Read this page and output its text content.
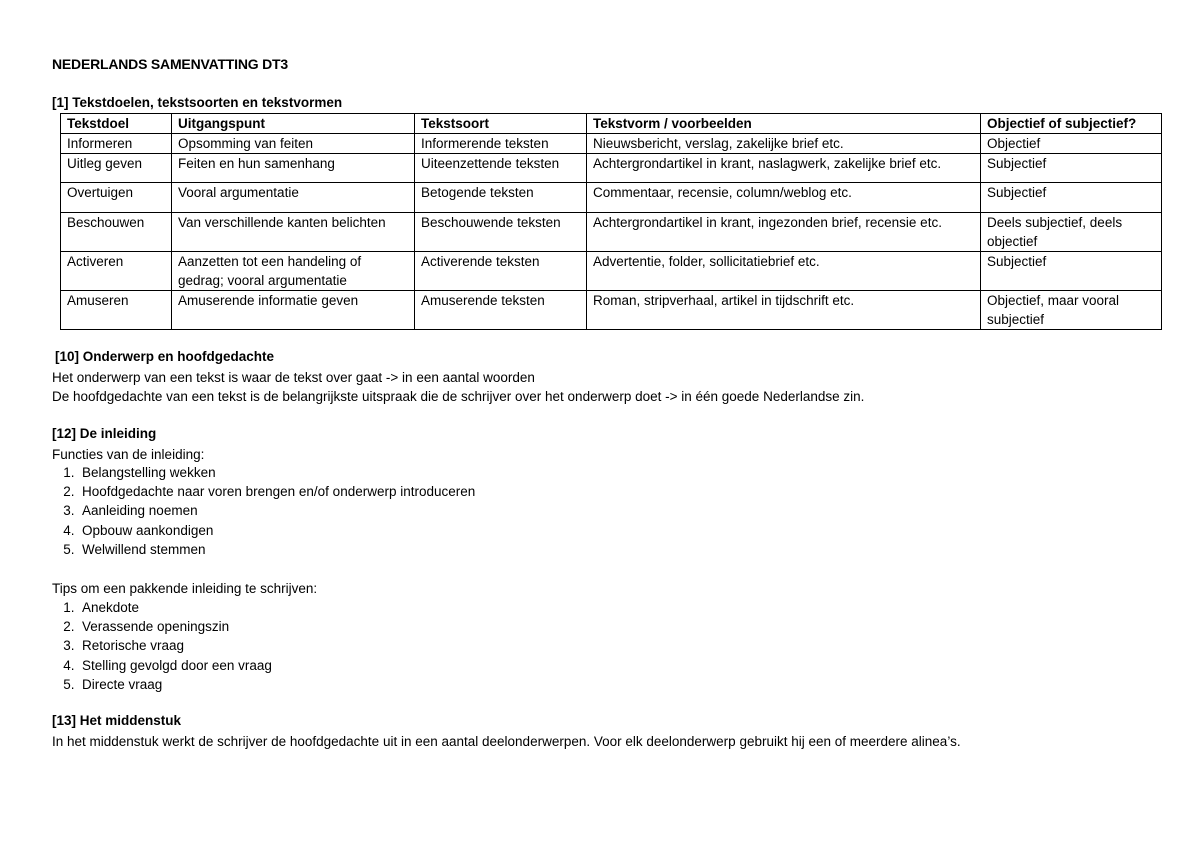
NEDERLANDS SAMENVATTING DT3
[1] Tekstdoelen, tekstsoorten en tekstvormen
Tekstdoel	Uitgangspunt	Tekstsoort	Tekstvorm / voorbeelden	Objectief of subjectief?
Informeren	Opsomming van feiten	Informerende teksten	Nieuwsbericht, verslag, zakelijke brief etc.	Objectief
Uitleg geven	Feiten en hun samenhang	Uiteenzettende teksten	Achtergrondartikel in krant, naslagwerk, zakelijke brief etc.	Subjectief
Overtuigen	Vooral argumentatie	Betogende teksten	Commentaar, recensie, column/weblog etc.	Subjectief
Beschouwen	Van verschillende kanten belichten	Beschouwende teksten	Achtergrondartikel in krant, ingezonden brief, recensie etc.	Deels subjectief, deels objectief
Activeren	Aanzetten tot een handeling of gedrag; vooral argumentatie	Activerende teksten	Advertentie, folder, sollicitatiebrief etc.	Subjectief
Amuseren	Amuserende informatie geven	Amuserende teksten	Roman, stripverhaal, artikel in tijdschrift etc.	Objectief, maar vooral subjectief
[10] Onderwerp en hoofdgedachte
Het onderwerp van een tekst is waar de tekst over gaat -> in een aantal woorden
De hoofdgedachte van een tekst is de belangrijkste uitspraak die de schrijver over het onderwerp doet -> in één goede Nederlandse zin.
[12] De inleiding
Functies van de inleiding:
1.  Belangstelling wekken
2.  Hoofdgedachte naar voren brengen en/of onderwerp introduceren
3.  Aanleiding noemen
4.  Opbouw aankondigen
5.  Welwillend stemmen
Tips om een pakkende inleiding te schrijven:
1.  Anekdote
2.  Verassende openingszin
3.  Retorische vraag
4.  Stelling gevolgd door een vraag
5.  Directe vraag
[13] Het middenstuk
In het middenstuk werkt de schrijver de hoofdgedachte uit in een aantal deelonderwerpen. Voor elk deelonderwerp gebruikt hij een of meerdere alinea’s.
